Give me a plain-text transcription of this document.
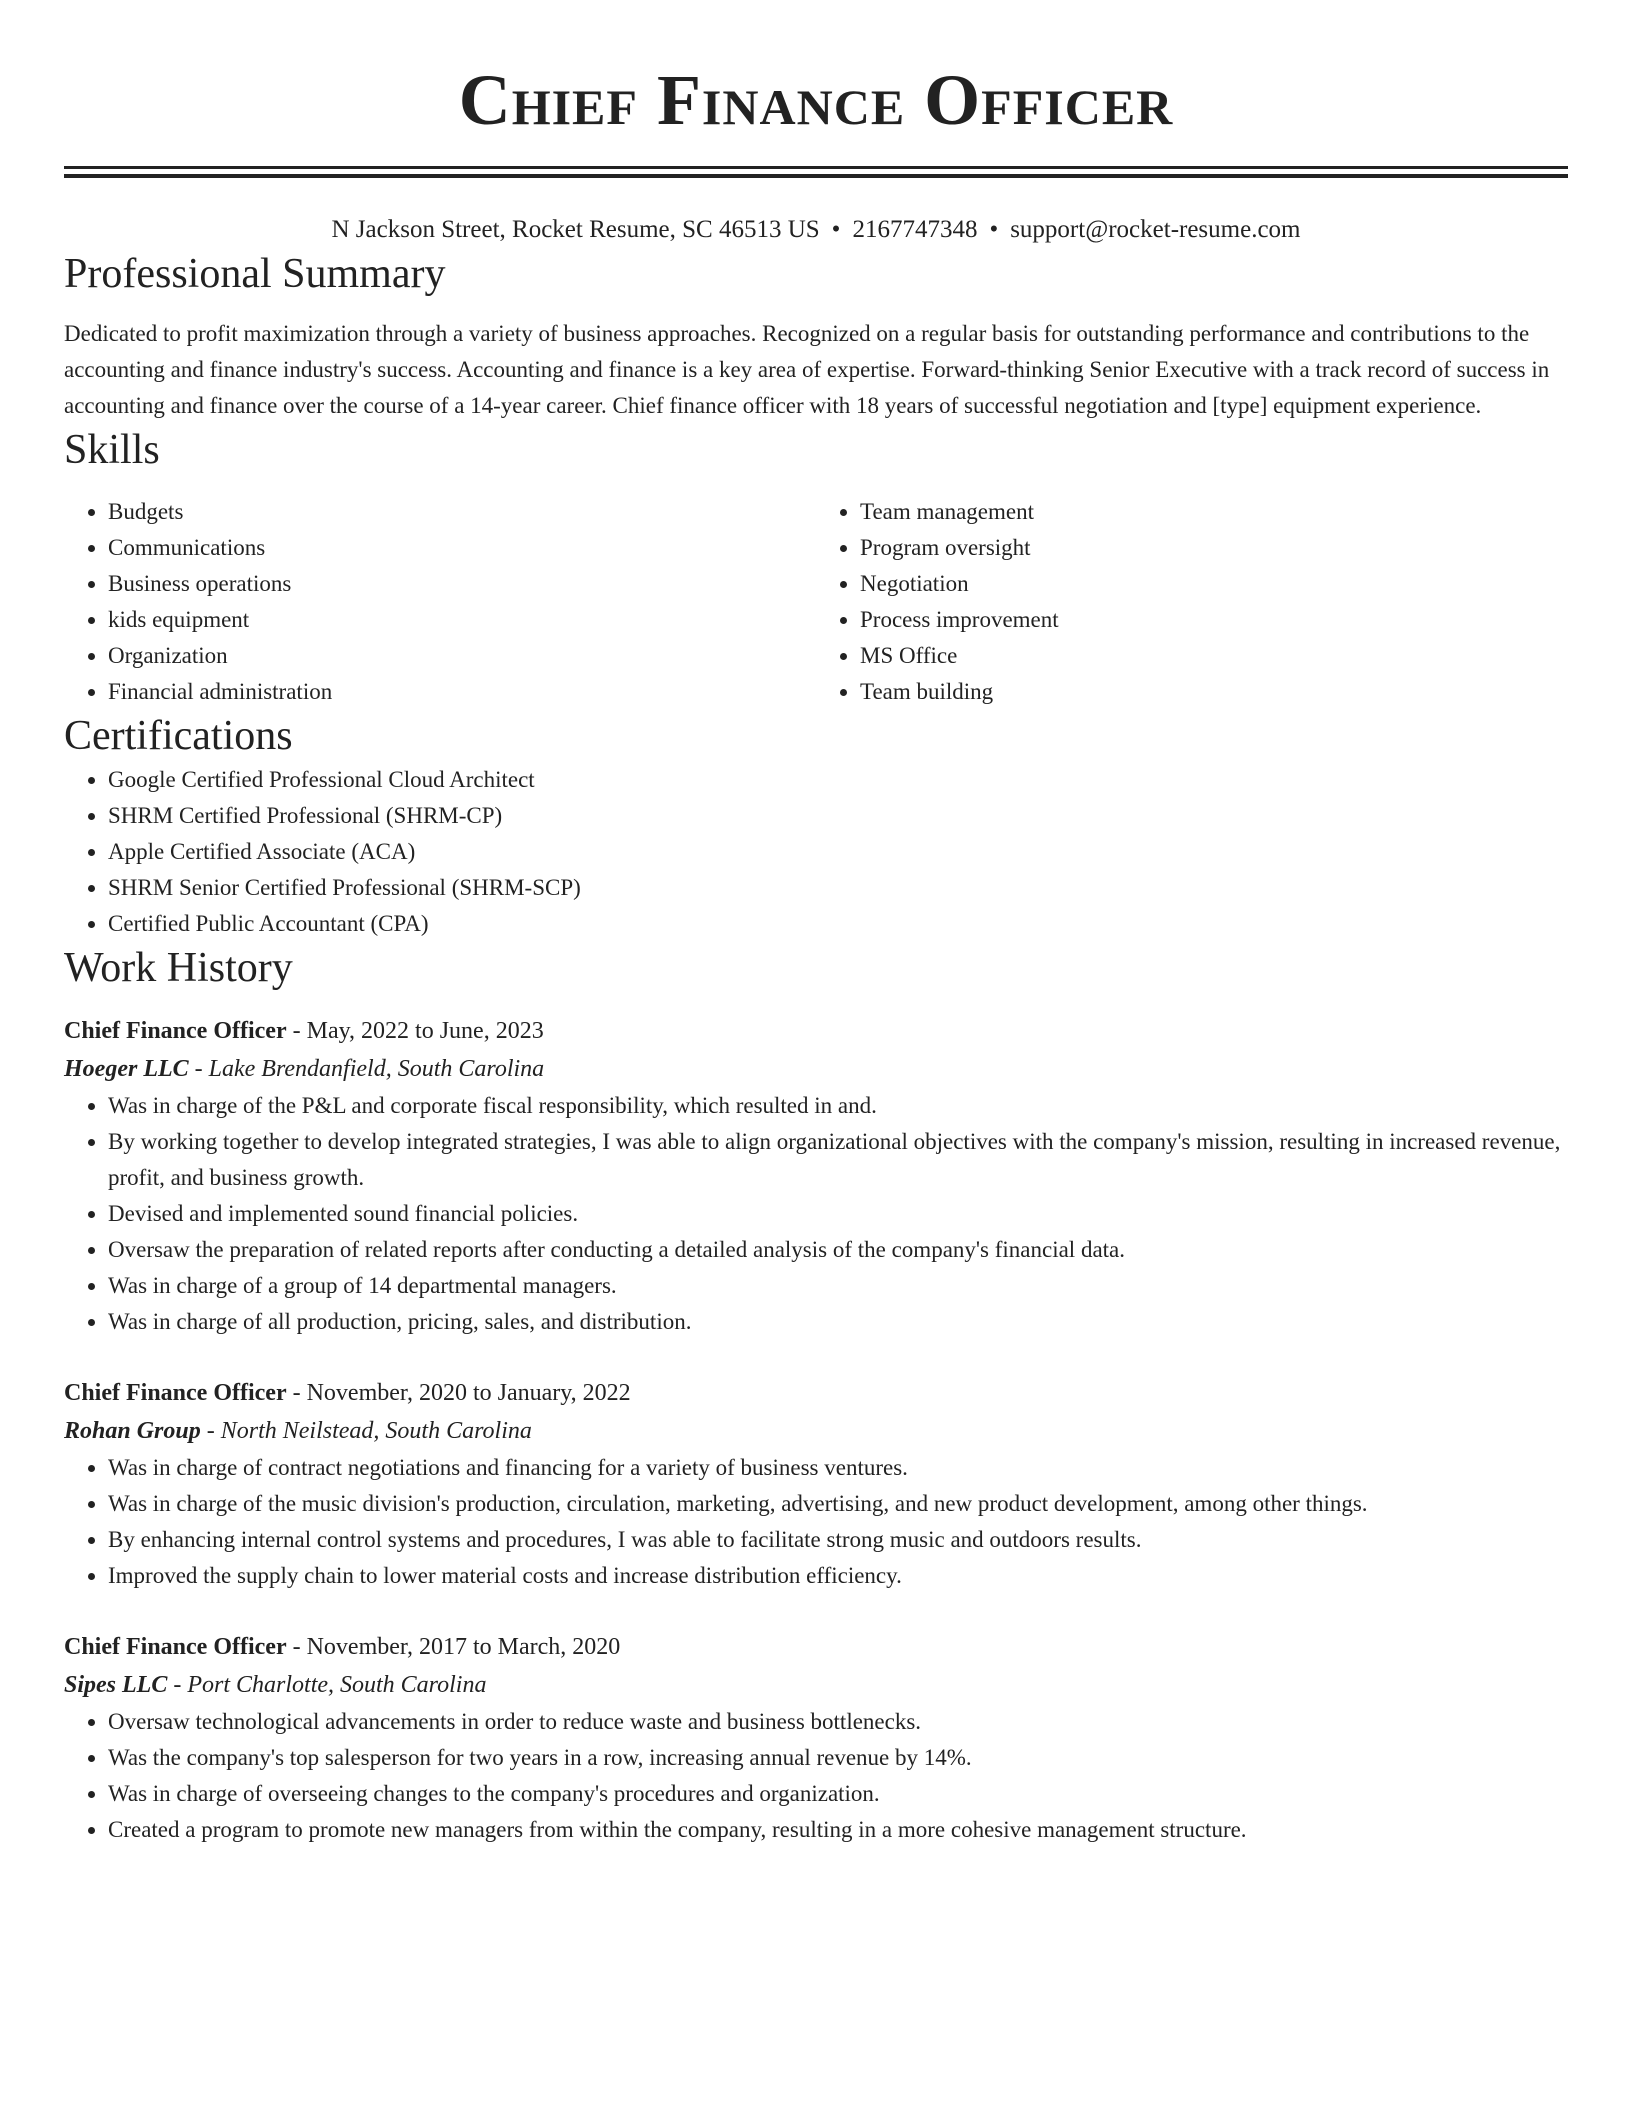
Chief Finance Officer
N Jackson Street, Rocket Resume, SC 46513 US • 2167747348 • support@rocket-resume.com
Professional Summary

Dedicated to profit maximization through a variety of business approaches. Recognized on a regular basis for outstanding performance and contributions to the accounting and finance industry's success. Accounting and finance is a key area of expertise. Forward-thinking Senior Executive with a track record of success in accounting and finance over the course of a 14-year career. Chief finance officer with 18 years of successful negotiation and [type] equipment experience.

Skills
• Budgets
• Communications
• Business operations
• kids equipment
• Organization
• Financial administration
• Team management
• Program oversight
• Negotiation
• Process improvement
• MS Office
• Team building
Certifications
• Google Certified Professional Cloud Architect
• SHRM Certified Professional (SHRM-CP)
• Apple Certified Associate (ACA)
• SHRM Senior Certified Professional (SHRM-SCP)
• Certified Public Accountant (CPA)
Work History
Chief Finance Officer - May, 2022 to June, 2023
Hoeger LLC - Lake Brendanfield, South Carolina
• Was in charge of the P&L and corporate fiscal responsibility, which resulted in and.
• By working together to develop integrated strategies, I was able to align organizational objectives with the company's mission, resulting in increased revenue, profit, and business growth.
• Devised and implemented sound financial policies.
• Oversaw the preparation of related reports after conducting a detailed analysis of the company's financial data.
• Was in charge of a group of 14 departmental managers.
• Was in charge of all production, pricing, sales, and distribution.
Chief Finance Officer - November, 2020 to January, 2022
Rohan Group - North Neilstead, South Carolina
• Was in charge of contract negotiations and financing for a variety of business ventures.
• Was in charge of the music division's production, circulation, marketing, advertising, and new product development, among other things.
• By enhancing internal control systems and procedures, I was able to facilitate strong music and outdoors results.
• Improved the supply chain to lower material costs and increase distribution efficiency.
Chief Finance Officer - November, 2017 to March, 2020
Sipes LLC - Port Charlotte, South Carolina
• Oversaw technological advancements in order to reduce waste and business bottlenecks.
• Was the company's top salesperson for two years in a row, increasing annual revenue by 14%.
• Was in charge of overseeing changes to the company's procedures and organization.
• Created a program to promote new managers from within the company, resulting in a more cohesive management structure.
